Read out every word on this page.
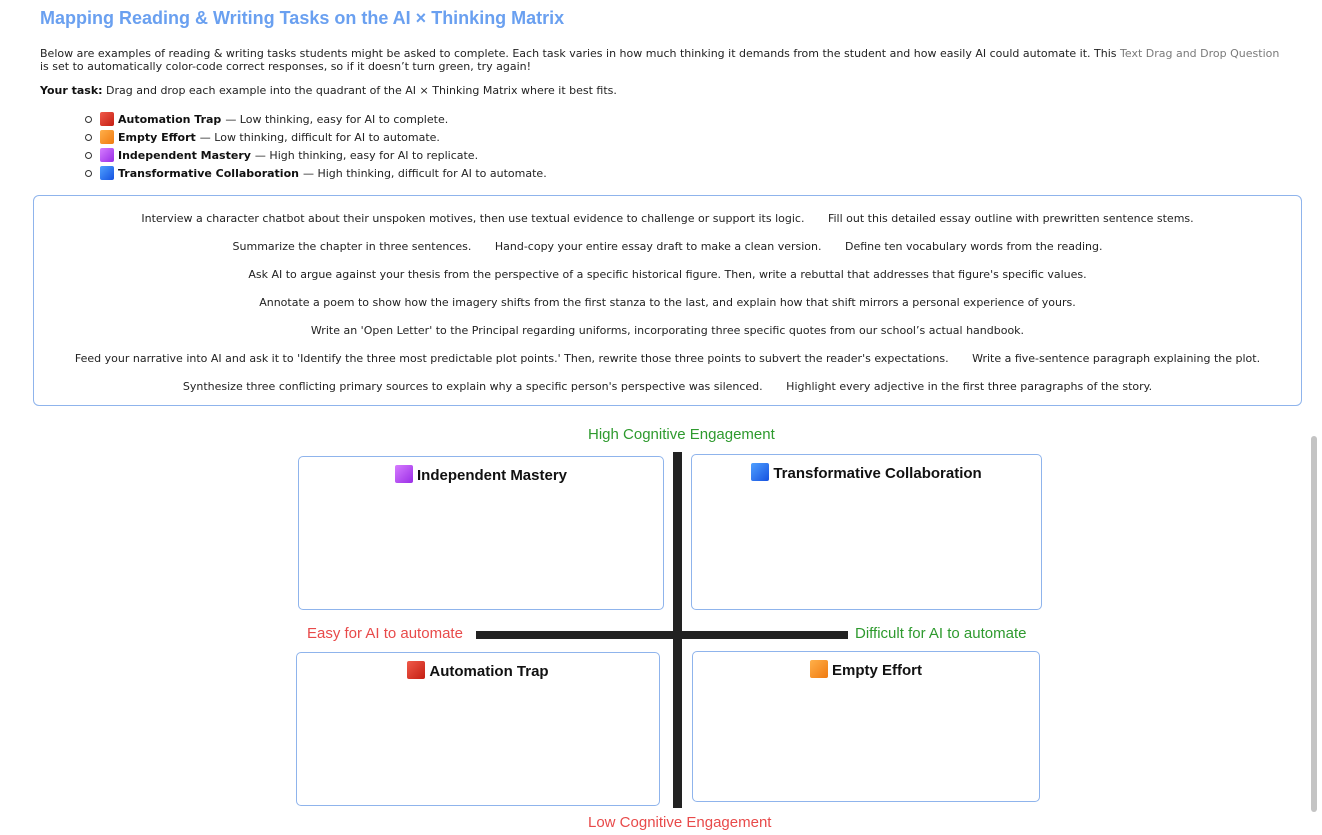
Mapping Reading & Writing Tasks on the AI × Thinking Matrix
Below are examples of reading & writing tasks students might be asked to complete. Each task varies in how much thinking it demands from the student and how easily AI could automate it. This Text Drag and Drop Question is set to automatically color-code correct responses, so if it doesn’t turn green, try again!
Your task: Drag and drop each example into the quadrant of the AI × Thinking Matrix where it best fits.
Automation Trap — Low thinking, easy for AI to complete.
Empty Effort — Low thinking, difficult for AI to automate.
Independent Mastery — High thinking, easy for AI to replicate.
Transformative Collaboration — High thinking, difficult for AI to automate.
Interview a character chatbot about their unspoken motives, then use textual evidence to challenge or support its logic. Fill out this detailed essay outline with prewritten sentence stems.
Summarize the chapter in three sentences. Hand-copy your entire essay draft to make a clean version. Define ten vocabulary words from the reading.
Ask AI to argue against your thesis from the perspective of a specific historical figure. Then, write a rebuttal that addresses that figure's specific values.
Annotate a poem to show how the imagery shifts from the first stanza to the last, and explain how that shift mirrors a personal experience of yours.
Write an 'Open Letter' to the Principal regarding uniforms, incorporating three specific quotes from our school’s actual handbook.
Feed your narrative into AI and ask it to 'Identify the three most predictable plot points.' Then, rewrite those three points to subvert the reader's expectations. Write a five-sentence paragraph explaining the plot.
Synthesize three conflicting primary sources to explain why a specific person's perspective was silenced. Highlight every adjective in the first three paragraphs of the story.
High Cognitive Engagement
Low Cognitive Engagement
Easy for AI to automate	Difficult for AI to automate
Independent Mastery	Transformative Collaboration
Automation Trap	Empty Effort
